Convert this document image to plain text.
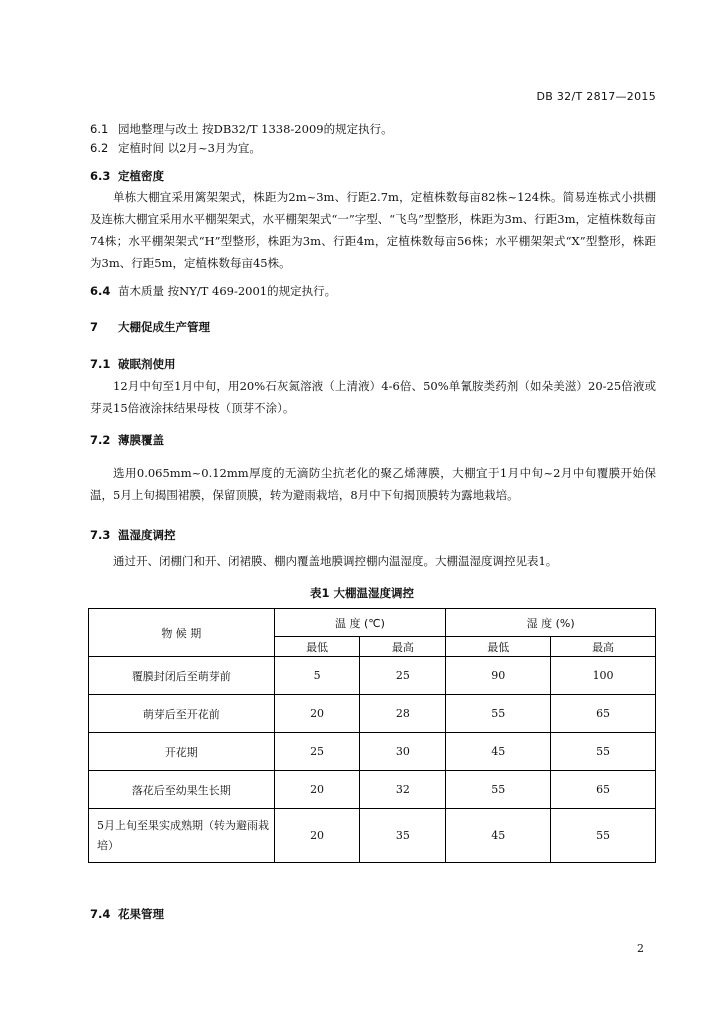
DB 32/T 2817—2015
6.1 园地整理与改土 按DB32/T 1338-2009的规定执行。
6.2 定植时间 以2月~3月为宜。
6.3 定植密度

单栋大棚宜采用篱架架式，株距为2m~3m、行距2.7m，定植株数每亩82株~124株。简易连栋式小拱棚及连栋大棚宜采用水平棚架架式，水平棚架架式“一”字型、“飞鸟”型整形，株距为3m、行距3m，定植株数每亩74株；水平棚架架式“H”型整形，株距为3m、行距4m，定植株数每亩56株；水平棚架架式“X”型整形，株距为3m、行距5m，定植株数每亩45株。

6.4 苗木质量 按NY/T 469-2001的规定执行。
7 大棚促成生产管理
7.1 破眠剂使用

12月中旬至1月中旬，用20%石灰氮溶液（上清液）4-6倍、50%单氰胺类药剂（如朵美滋）20-25倍液或芽灵15倍液涂抹结果母枝（顶芽不涂）。

7.2 薄膜覆盖

选用0.065mm~0.12mm厚度的无滴防尘抗老化的聚乙烯薄膜，大棚宜于1月中旬~2月中旬覆膜开始保温，5月上旬揭围裙膜，保留顶膜，转为避雨栽培，8月中下旬揭顶膜转为露地栽培。

7.3 温湿度调控

通过开、闭棚门和开、闭裙膜、棚内覆盖地膜调控棚内温湿度。大棚温湿度调控见表1。

表1 大棚温湿度调控
物 候 期	温 度 (℃)		湿 度 (%)	
	最低	最高	最低	最高
覆膜封闭后至萌芽前	5	25	90	100
萌芽后至开花前	20	28	55	65
开花期	25	30	45	55
落花后至幼果生长期	20	32	55	65
5月上旬至果实成熟期（转为避雨栽培）	20	35	45	55
7.4 花果管理
2
